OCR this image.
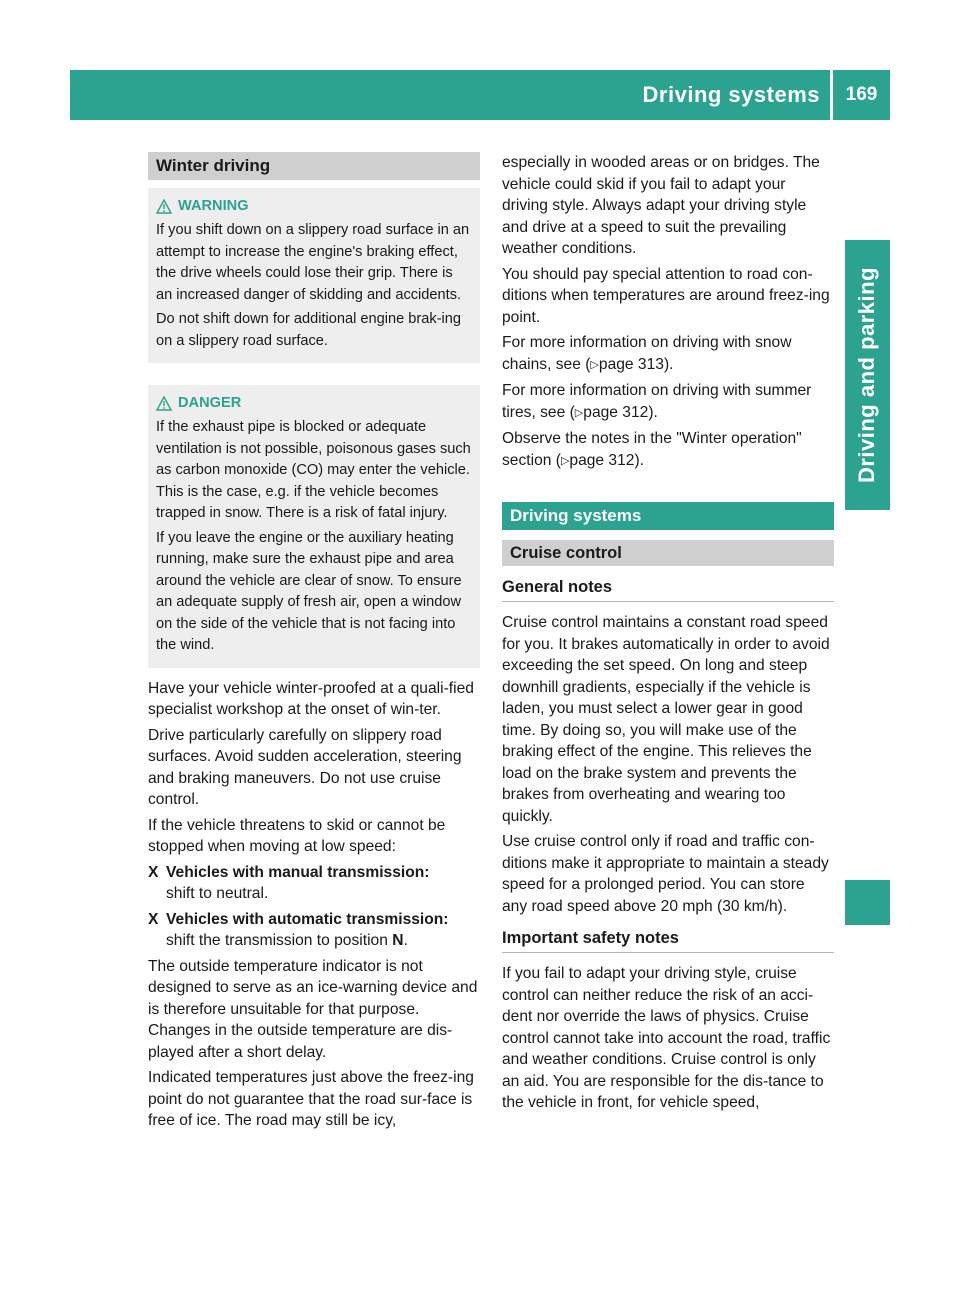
Driving systems	169
Driving and parking
Winter driving
WARNING

If you shift down on a slippery road surface in an attempt to increase the engine's braking effect, the drive wheels could lose their grip. There is an increased danger of skidding and accidents.

Do not shift down for additional engine brak-ing on a slippery road surface.

DANGER

If the exhaust pipe is blocked or adequate ventilation is not possible, poisonous gases such as carbon monoxide (CO) may enter the vehicle. This is the case, e.g. if the vehicle becomes trapped in snow. There is a risk of fatal injury.

If you leave the engine or the auxiliary heating running, make sure the exhaust pipe and area around the vehicle are clear of snow. To ensure an adequate supply of fresh air, open a window on the side of the vehicle that is not facing into the wind.

Have your vehicle winter-proofed at a quali-fied specialist workshop at the onset of win-ter.

Drive particularly carefully on slippery road surfaces. Avoid sudden acceleration, steering and braking maneuvers. Do not use cruise control.

If the vehicle threatens to skid or cannot be stopped when moving at low speed:

X Vehicles with manual transmission:
shift to neutral.
X Vehicles with automatic transmission:
shift the transmission to position N.

The outside temperature indicator is not designed to serve as an ice-warning device and is therefore unsuitable for that purpose. Changes in the outside temperature are dis-played after a short delay.

Indicated temperatures just above the freez-ing point do not guarantee that the road sur-face is free of ice. The road may still be icy,

especially in wooded areas or on bridges. The vehicle could skid if you fail to adapt your driving style. Always adapt your driving style and drive at a speed to suit the prevailing weather conditions.

You should pay special attention to road con-ditions when temperatures are around freez-ing point.

For more information on driving with snow chains, see (▷page 313).

For more information on driving with summer tires, see (▷page 312).

Observe the notes in the "Winter operation" section (▷page 312).

Driving systems
Cruise control
General notes

Cruise control maintains a constant road speed for you. It brakes automatically in order to avoid exceeding the set speed. On long and steep downhill gradients, especially if the vehicle is laden, you must select a lower gear in good time. By doing so, you will make use of the braking effect of the engine. This relieves the load on the brake system and prevents the brakes from overheating and wearing too quickly.

Use cruise control only if road and traffic con-ditions make it appropriate to maintain a steady speed for a prolonged period. You can store any road speed above 20 mph (30 km/h).

Important safety notes

If you fail to adapt your driving style, cruise control can neither reduce the risk of an acci-dent nor override the laws of physics. Cruise control cannot take into account the road, traffic and weather conditions. Cruise control is only an aid. You are responsible for the dis-tance to the vehicle in front, for vehicle speed,
